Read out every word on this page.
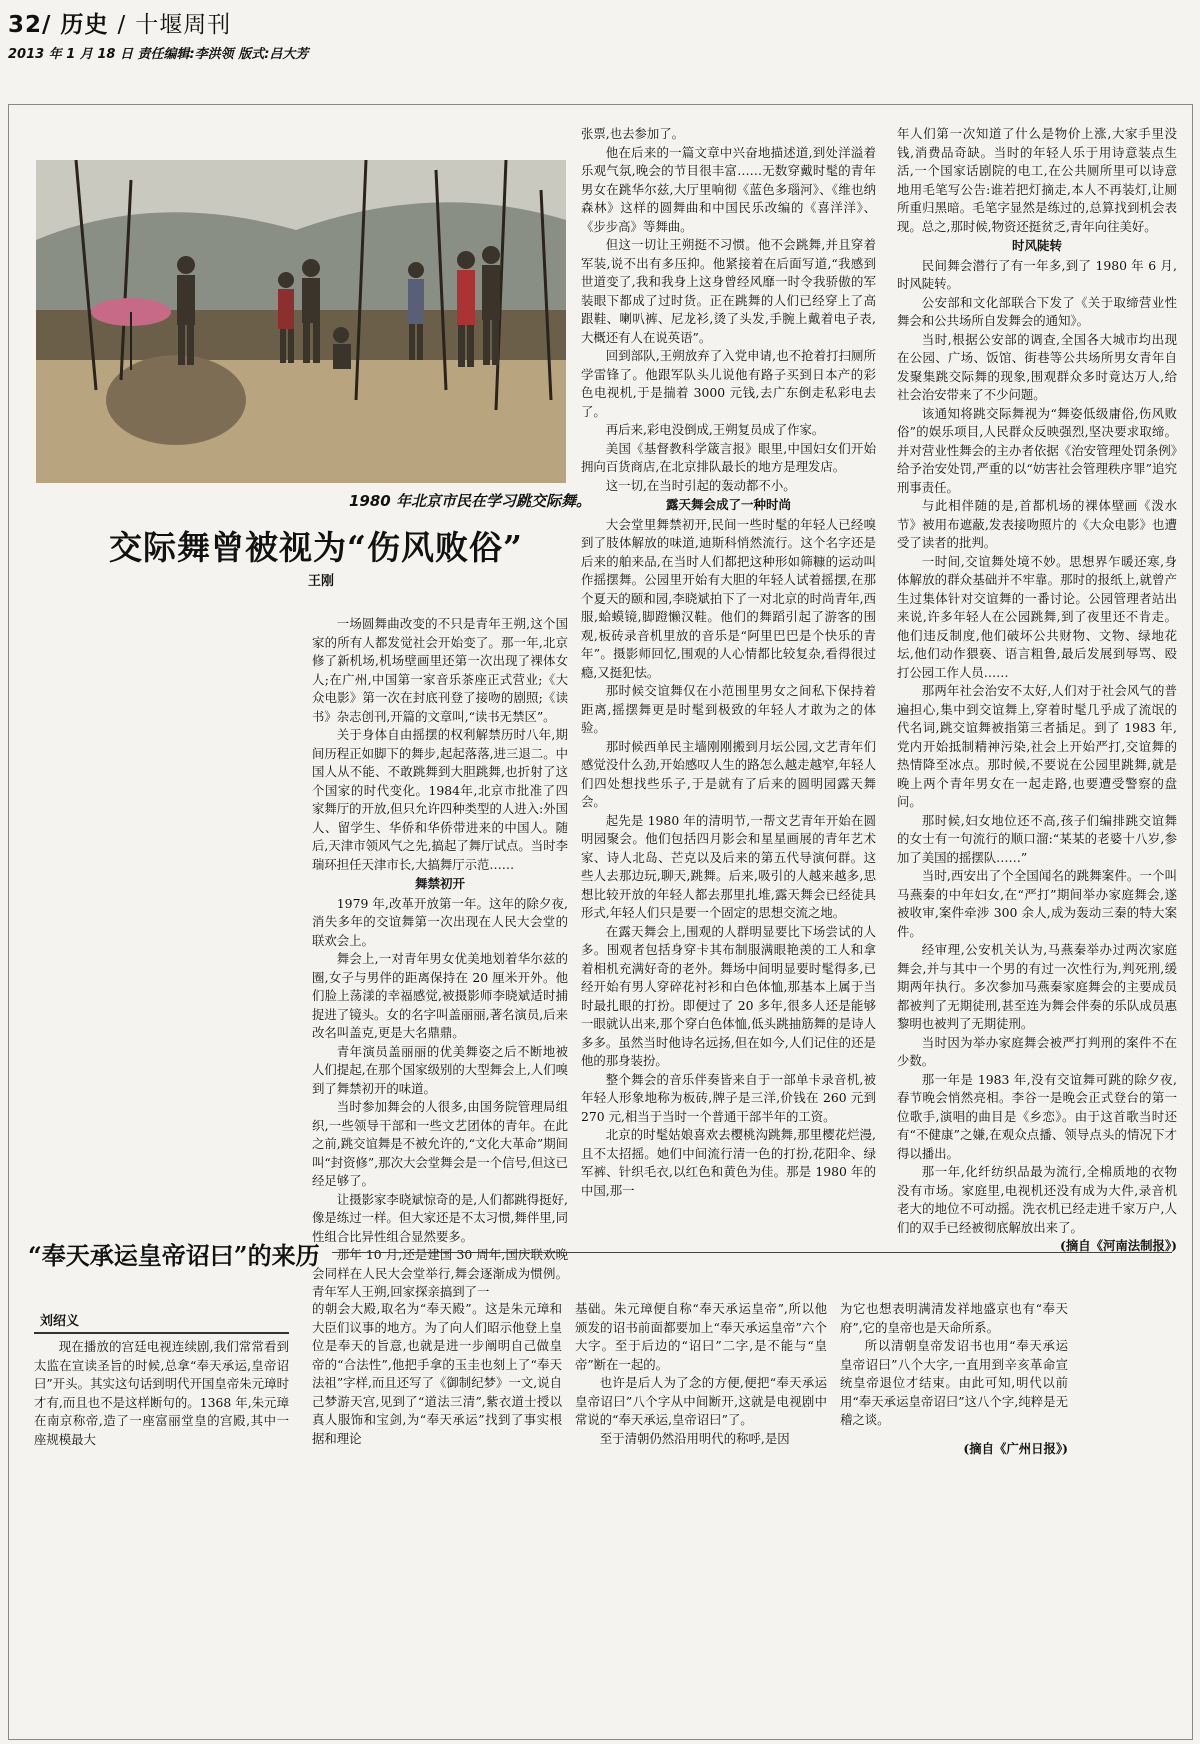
32/ 历史 / 十堰周刊
2013 年 1 月 18 日 责任编辑:李洪领 版式:吕大芳
1980 年北京市民在学习跳交际舞。
交际舞曾被视为“伤风败俗”
王刚

一场圆舞曲改变的不只是青年王朔,这个国家的所有人都发觉社会开始变了。那一年,北京修了新机场,机场壁画里还第一次出现了裸体女人;在广州,中国第一家音乐茶座正式营业;《大众电影》第一次在封底刊登了接吻的剧照;《读书》杂志创刊,开篇的文章叫,“读书无禁区”。

关于身体自由摇摆的权利解禁历时八年,期间历程正如脚下的舞步,起起落落,进三退二。中国人从不能、不敢跳舞到大胆跳舞,也折射了这个国家的时代变化。1984年,北京市批准了四家舞厅的开放,但只允许四种类型的人进入:外国人、留学生、华侨和华侨带进来的中国人。随后,天津市领风气之先,搞起了舞厅试点。当时李瑞环担任天津市长,大搞舞厅示范……

舞禁初开

1979 年,改革开放第一年。这年的除夕夜,消失多年的交谊舞第一次出现在人民大会堂的联欢会上。

舞会上,一对青年男女优美地划着华尔兹的圈,女子与男伴的距离保持在 20 厘米开外。他们脸上荡漾的幸福感觉,被摄影师李晓斌适时捕捉进了镜头。女的名字叫盖丽丽,著名演员,后来改名叫盖克,更是大名鼎鼎。

青年演员盖丽丽的优美舞姿之后不断地被人们提起,在那个国家级别的大型舞会上,人们嗅到了舞禁初开的味道。

当时参加舞会的人很多,由国务院管理局组织,一些领导干部和一些文艺团体的青年。在此之前,跳交谊舞是不被允许的,“文化大革命”期间叫“封资修”,那次大会堂舞会是一个信号,但这已经足够了。

让摄影家李晓斌惊奇的是,人们都跳得挺好,像是练过一样。但大家还是不太习惯,舞伴里,同性组合比异性组合显然要多。

那年 10 月,还是建国 30 周年,国庆联欢晚会同样在人民大会堂举行,舞会逐渐成为惯例。青年军人王朔,回家探亲搞到了一

张票,也去参加了。

他在后来的一篇文章中兴奋地描述道,到处洋溢着乐观气氛,晚会的节目很丰富……无数穿戴时髦的青年男女在跳华尔兹,大厅里响彻《蓝色多瑙河》、《维也纳森林》这样的圆舞曲和中国民乐改编的《喜洋洋》、《步步高》等舞曲。

但这一切让王朔挺不习惯。他不会跳舞,并且穿着军装,说不出有多压抑。他紧接着在后面写道,“我感到世道变了,我和我身上这身曾经风靡一时令我骄傲的军装眼下都成了过时货。正在跳舞的人们已经穿上了高跟鞋、喇叭裤、尼龙衫,烫了头发,手腕上戴着电子表,大概还有人在说英语”。

回到部队,王朔放弃了入党申请,也不抢着打扫厕所学雷锋了。他跟军队头儿说他有路子买到日本产的彩色电视机,于是揣着 3000 元钱,去广东倒走私彩电去了。

再后来,彩电没倒成,王朔复员成了作家。

美国《基督教科学箴言报》眼里,中国妇女们开始拥向百货商店,在北京排队最长的地方是理发店。

这一切,在当时引起的轰动都不小。

露天舞会成了一种时尚

大会堂里舞禁初开,民间一些时髦的年轻人已经嗅到了肢体解放的味道,迪斯科悄然流行。这个名字还是后来的舶来品,在当时人们都把这种形如筛糠的运动叫作摇摆舞。公园里开始有大胆的年轻人试着摇摆,在那个夏天的颐和园,李晓斌拍下了一对北京的时尚青年,西服,蛤蟆镜,脚蹬懒汉鞋。他们的舞蹈引起了游客的围观,板砖录音机里放的音乐是“阿里巴巴是个快乐的青年”。摄影师回忆,围观的人心情都比较复杂,看得很过瘾,又挺犯怯。

那时候交谊舞仅在小范围里男女之间私下保持着距离,摇摆舞更是时髦到极致的年轻人才敢为之的体验。

那时候西单民主墙刚刚搬到月坛公园,文艺青年们感觉没什么劲,开始感叹人生的路怎么越走越窄,年轻人们四处想找些乐子,于是就有了后来的圆明园露天舞会。

起先是 1980 年的清明节,一帮文艺青年开始在圆明园聚会。他们包括四月影会和星星画展的青年艺术家、诗人北岛、芒克以及后来的第五代导演何群。这些人去那边玩,聊天,跳舞。后来,吸引的人越来越多,思想比较开放的年轻人都去那里扎堆,露天舞会已经徒具形式,年轻人们只是要一个固定的思想交流之地。

在露天舞会上,围观的人群明显要比下场尝试的人多。围观者包括身穿卡其布制服满眼艳羡的工人和拿着相机充满好奇的老外。舞场中间明显要时髦得多,已经开始有男人穿碎花衬衫和白色体恤,那基本上属于当时最扎眼的打扮。即便过了 20 多年,很多人还是能够一眼就认出来,那个穿白色体恤,低头跳抽筋舞的是诗人多多。虽然当时他诗名远扬,但在如今,人们记住的还是他的那身装扮。

整个舞会的音乐伴奏皆来自于一部单卡录音机,被年轻人形象地称为板砖,牌子是三洋,价钱在 260 元到 270 元,相当于当时一个普通干部半年的工资。

北京的时髦姑娘喜欢去樱桃沟跳舞,那里樱花烂漫,且不太招摇。她们中间流行清一色的打扮,花阳伞、绿军裤、针织毛衣,以红色和黄色为佳。那是 1980 年的中国,那一

年人们第一次知道了什么是物价上涨,大家手里没钱,消费品奇缺。当时的年轻人乐于用诗意装点生活,一个国家话剧院的电工,在公共厕所里可以诗意地用毛笔写公告:谁若把灯摘走,本人不再装灯,让厕所重归黑暗。毛笔字显然是练过的,总算找到机会表现。总之,那时候,物资还挺贫乏,青年向往美好。

时风陡转

民间舞会潜行了有一年多,到了 1980 年 6 月,时风陡转。

公安部和文化部联合下发了《关于取缔营业性舞会和公共场所自发舞会的通知》。

当时,根据公安部的调查,全国各大城市均出现在公园、广场、饭馆、街巷等公共场所男女青年自发聚集跳交际舞的现象,围观群众多时竟达万人,给社会治安带来了不少问题。

该通知将跳交际舞视为“舞姿低级庸俗,伤风败俗”的娱乐项目,人民群众反映强烈,坚决要求取缔。并对营业性舞会的主办者依据《治安管理处罚条例》给予治安处罚,严重的以“妨害社会管理秩序罪”追究刑事责任。

与此相伴随的是,首都机场的裸体壁画《泼水节》被用布遮蔽,发表接吻照片的《大众电影》也遭受了读者的批判。

一时间,交谊舞处境不妙。思想界乍暖还寒,身体解放的群众基础并不牢靠。那时的报纸上,就曾产生过集体针对交谊舞的一番讨论。公园管理者站出来说,许多年轻人在公园跳舞,到了夜里还不肯走。他们违反制度,他们破坏公共财物、文物、绿地花坛,他们动作猥亵、语言粗鲁,最后发展到辱骂、殴打公园工作人员……

那两年社会治安不太好,人们对于社会风气的普遍担心,集中到交谊舞上,穿着时髦几乎成了流氓的代名词,跳交谊舞被指第三者插足。到了 1983 年,党内开始抵制精神污染,社会上开始严打,交谊舞的热情降至冰点。那时候,不要说在公园里跳舞,就是晚上两个青年男女在一起走路,也要遭受警察的盘问。

那时候,妇女地位还不高,孩子们编排跳交谊舞的女士有一句流行的顺口溜:“某某的老婆十八岁,参加了美国的摇摆队……”

当时,西安出了个全国闻名的跳舞案件。一个叫马燕秦的中年妇女,在“严打”期间举办家庭舞会,遂被收审,案件牵涉 300 余人,成为轰动三秦的特大案件。

经审理,公安机关认为,马燕秦举办过两次家庭舞会,并与其中一个男的有过一次性行为,判死刑,缓期两年执行。多次参加马燕秦家庭舞会的主要成员都被判了无期徒刑,甚至连为舞会伴奏的乐队成员惠黎明也被判了无期徒刑。

当时因为举办家庭舞会被严打判刑的案件不在少数。

那一年是 1983 年,没有交谊舞可跳的除夕夜,春节晚会悄然亮相。李谷一是晚会正式登台的第一位歌手,演唱的曲目是《乡恋》。由于这首歌当时还有“不健康”之嫌,在观众点播、领导点头的情况下才得以播出。

那一年,化纤纺织品最为流行,全棉质地的衣物没有市场。家庭里,电视机还没有成为大件,录音机老大的地位不可动摇。洗衣机已经走进千家万户,人们的双手已经被彻底解放出来了。

(摘自《河南法制报》)

“奉天承运皇帝诏曰”的来历
刘绍义

现在播放的宫廷电视连续剧,我们常常看到太监在宣读圣旨的时候,总拿“奉天承运,皇帝诏曰”开头。其实这句话到明代开国皇帝朱元璋时才有,而且也不是这样断句的。1368 年,朱元璋在南京称帝,造了一座富丽堂皇的宫殿,其中一座规模最大

的朝会大殿,取名为“奉天殿”。这是朱元璋和大臣们议事的地方。为了向人们昭示他登上皇位是奉天的旨意,也就是进一步阐明自己做皇帝的“合法性”,他把手拿的玉圭也刻上了“奉天法祖”字样,而且还写了《御制纪梦》一文,说自己梦游天宫,见到了“道法三清”,紫衣道士授以真人服饰和宝剑,为“奉天承运”找到了事实根据和理论

基础。朱元璋便自称“奉天承运皇帝”,所以他颁发的诏书前面都要加上“奉天承运皇帝”六个大字。至于后边的“诏曰”二字,是不能与“皇帝”断在一起的。

也许是后人为了念的方便,便把“奉天承运皇帝诏曰”八个字从中间断开,这就是电视剧中常说的“奉天承运,皇帝诏曰”了。

至于清朝仍然沿用明代的称呼,是因

为它也想表明满清发祥地盛京也有“奉天府”,它的皇帝也是天命所系。

所以清朝皇帝发诏书也用“奉天承运皇帝诏曰”八个大字,一直用到辛亥革命宣统皇帝退位才结束。由此可知,明代以前用“奉天承运皇帝诏曰”这八个字,纯粹是无稽之谈。

(摘自《广州日报》)
